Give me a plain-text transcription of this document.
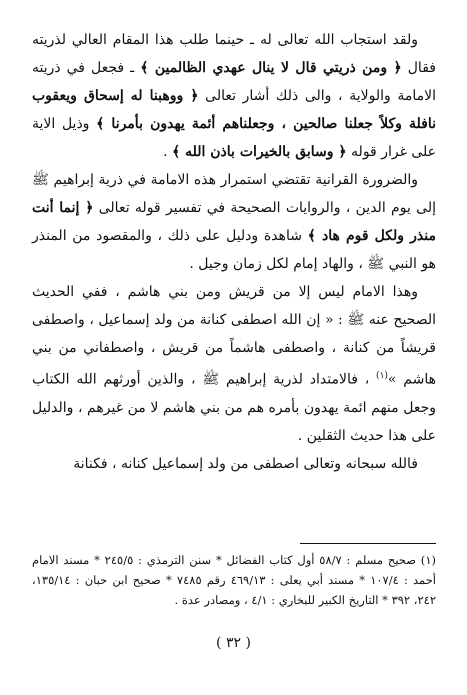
ولقد استجاب الله تعالى له ـ حينما طلب هذا المقام العالي لذريته فقال ﴿ ومن ذريتي قال لا ينال عهدي الظالمين ﴾ ـ فجعل في ذريته الامامة والولاية ، والى ذلك أشار تعالى ﴿ ووهبنا له إسحاق ويعقوب نافلة وكلاً جعلنا صالحين ، وجعلناهم أئمة يهدون بأمرنا ﴾ وذيل الاية على غرار قوله ﴿ وسابق بالخيرات باذن الله ﴾ .

والضرورة القرانية تقتضي استمرار هذه الامامة في ذرية إبراهيم ﷺ إلى يوم الدين ، والروايات الصحيحة في تفسير قوله تعالى ﴿ إنما أنت منذر ولكل قوم هاد ﴾ شاهدة ودليل على ذلك ، والمقصود من المنذر هو النبي ﷺ ، والهاد إمام لكل زمان وجيل .

وهذا الامام ليس إلا من قريش ومن بني هاشم ، ففي الحديث الصحيح عنه ﷺ : « إن الله اصطفى كنانة من ولد إسماعيل ، واصطفى قريشاً من كنانة ، واصطفى هاشماً من قريش ، واصطفاني من بني هاشم »$^{(١)}$ ، فالامتداد لذرية إبراهيم ﷺ ، والذين أورثهم الله الكتاب وجعل منهم ائمة يهدون بأمره هم من بني هاشم لا من غيرهم ، والدليل على هذا حديث الثقلين .

فالله سبحانه وتعالى اصطفى من ولد إسماعيل كنانه ، فكنانة

(١) صحيح مسلم : ٥٨/٧ أول كتاب الفضائل * سنن الترمذي : ٢٤٥/٥ * مسند الامام أحمد : ١٠٧/٤ * مسند أبي يعلى : ٤٦٩/١٣ رقم ٧٤٨٥ * صحيح ابن حبان : ١٣٥/١٤، ٢٤٢، ٣٩٢ * التاريخ الكبير للبخاري : ٤/١ ، ومصادر عدة .

( ٣٢ )
